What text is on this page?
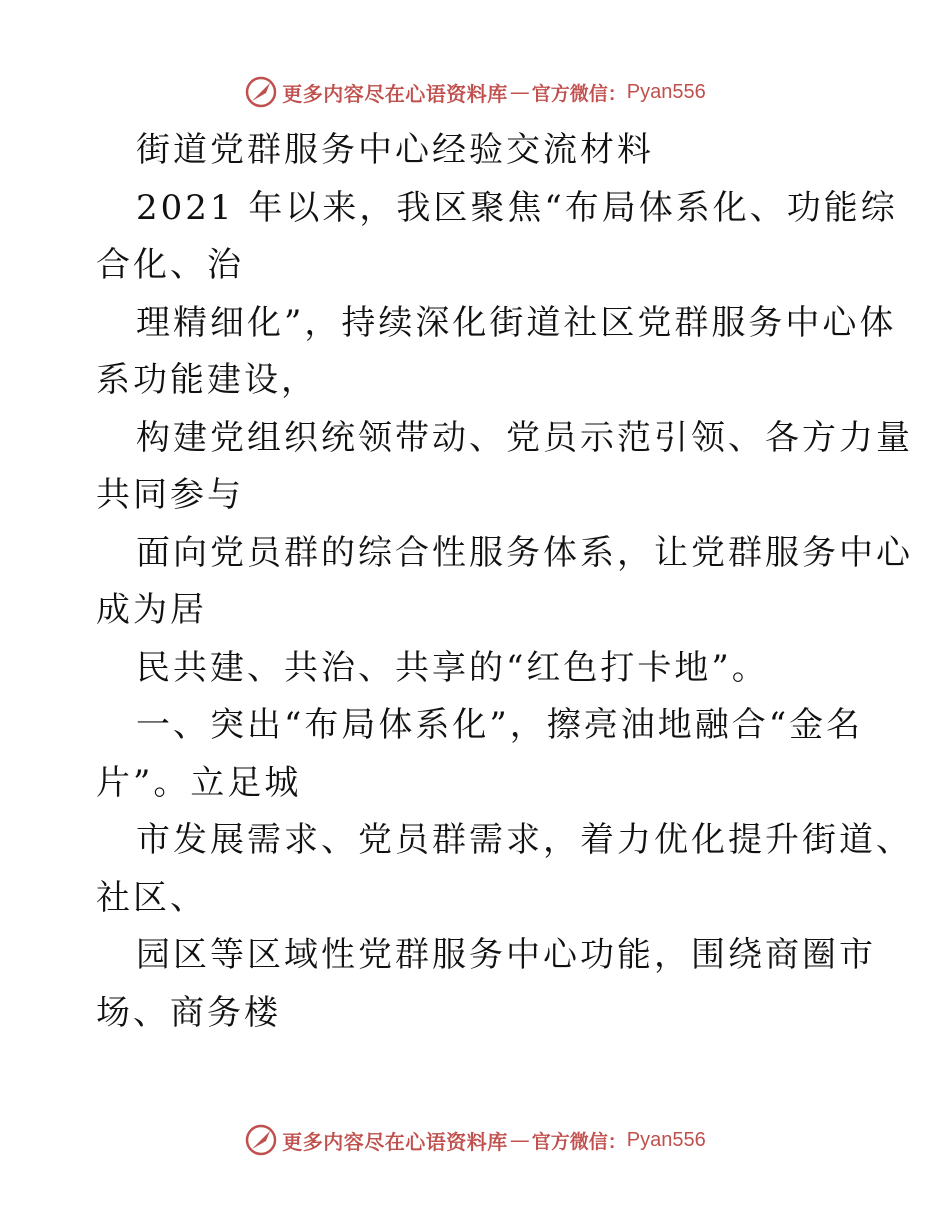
更多内容尽在心语资料库 — 官方微信： Pyan556
街道党群服务中心经验交流材料
2021 年以来，我区聚焦“布局体系化、功能综
合化、治
理精细化”，持续深化街道社区党群服务中心体
系功能建设，
构建党组织统领带动、党员示范引领、各方力量
共同参与
面向党员群的综合性服务体系，让党群服务中心
成为居
民共建、共治、共享的“红色打卡地”。
一、突出“布局体系化”，擦亮油地融合“金名
片”。立足城
市发展需求、党员群需求，着力优化提升街道、
社区、
园区等区域性党群服务中心功能，围绕商圈市
场、商务楼
更多内容尽在心语资料库 — 官方微信： Pyan556
